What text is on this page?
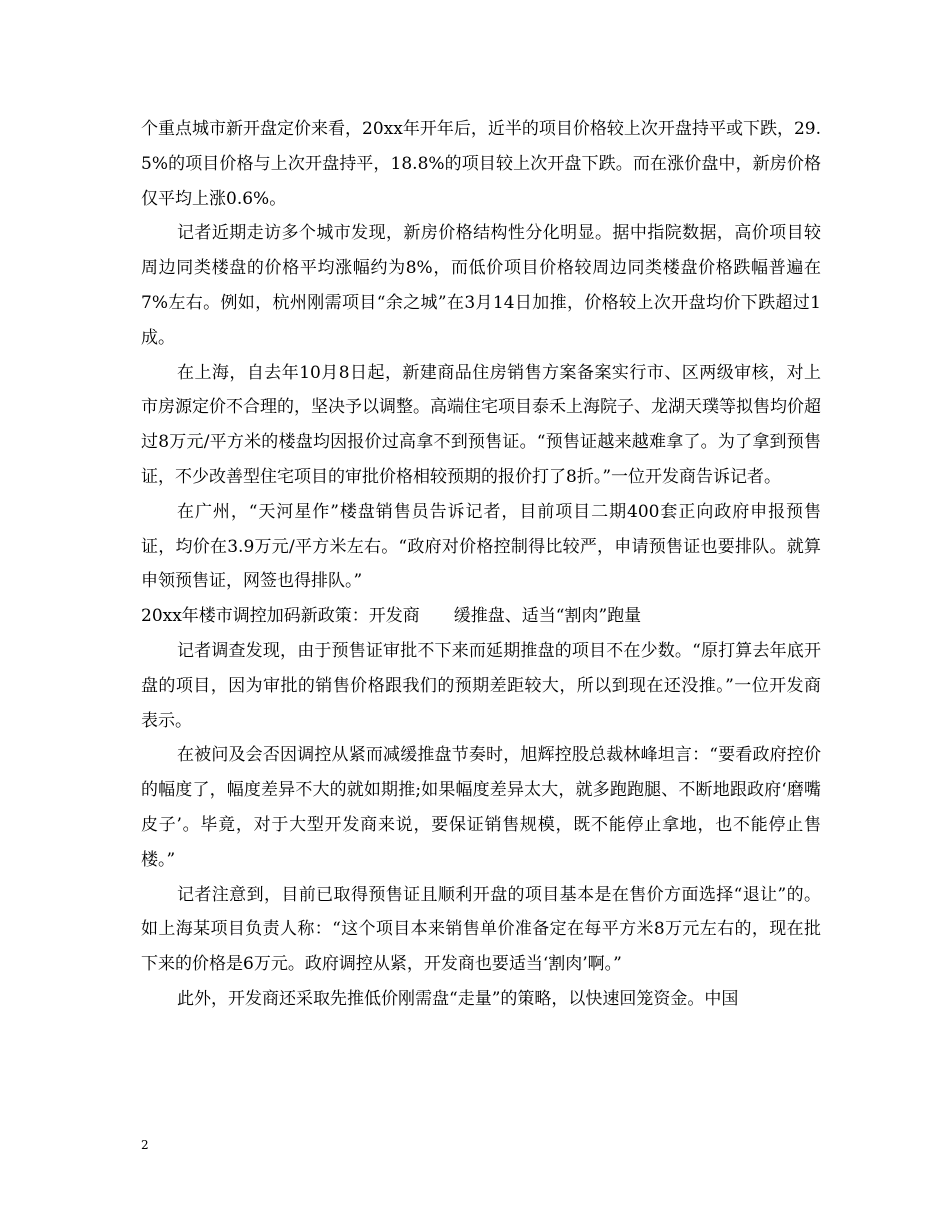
个重点城市新开盘定价来看，20xx年开年后，近半的项目价格较上次开盘持平或下跌，29.5%的项目价格与上次开盘持平，18.8%的项目较上次开盘下跌。而在涨价盘中，新房价格仅平均上涨0.6%。

记者近期走访多个城市发现，新房价格结构性分化明显。据中指院数据，高价项目较周边同类楼盘的价格平均涨幅约为8%，而低价项目价格较周边同类楼盘价格跌幅普遍在7%左右。例如，杭州刚需项目“余之城”在3月14日加推，价格较上次开盘均价下跌超过1成。

在上海，自去年10月8日起，新建商品住房销售方案备案实行市、区两级审核，对上市房源定价不合理的，坚决予以调整。高端住宅项目泰禾上海院子、龙湖天璞等拟售均价超过8万元/平方米的楼盘均因报价过高拿不到预售证。“预售证越来越难拿了。为了拿到预售证，不少改善型住宅项目的审批价格相较预期的报价打了8折。”一位开发商告诉记者。

在广州，“天河星作”楼盘销售员告诉记者，目前项目二期400套正向政府申报预售证，均价在3.9万元/平方米左右。“政府对价格控制得比较严，申请预售证也要排队。就算申领预售证，网签也得排队。”

20xx年楼市调控加码新政策：开发商　　缓推盘、适当“割肉”跑量

记者调查发现，由于预售证审批不下来而延期推盘的项目不在少数。“原打算去年底开盘的项目，因为审批的销售价格跟我们的预期差距较大，所以到现在还没推。”一位开发商表示。

在被问及会否因调控从紧而减缓推盘节奏时，旭辉控股总裁林峰坦言：“要看政府控价的幅度了，幅度差异不大的就如期推;如果幅度差异太大，就多跑跑腿、不断地跟政府‘磨嘴皮子’。毕竟，对于大型开发商来说，要保证销售规模，既不能停止拿地，也不能停止售楼。”

记者注意到，目前已取得预售证且顺利开盘的项目基本是在售价方面选择“退让”的。如上海某项目负责人称：“这个项目本来销售单价准备定在每平方米8万元左右的，现在批下来的价格是6万元。政府调控从紧，开发商也要适当‘割肉’啊。”

此外，开发商还采取先推低价刚需盘“走量”的策略，以快速回笼资金。中国

2
